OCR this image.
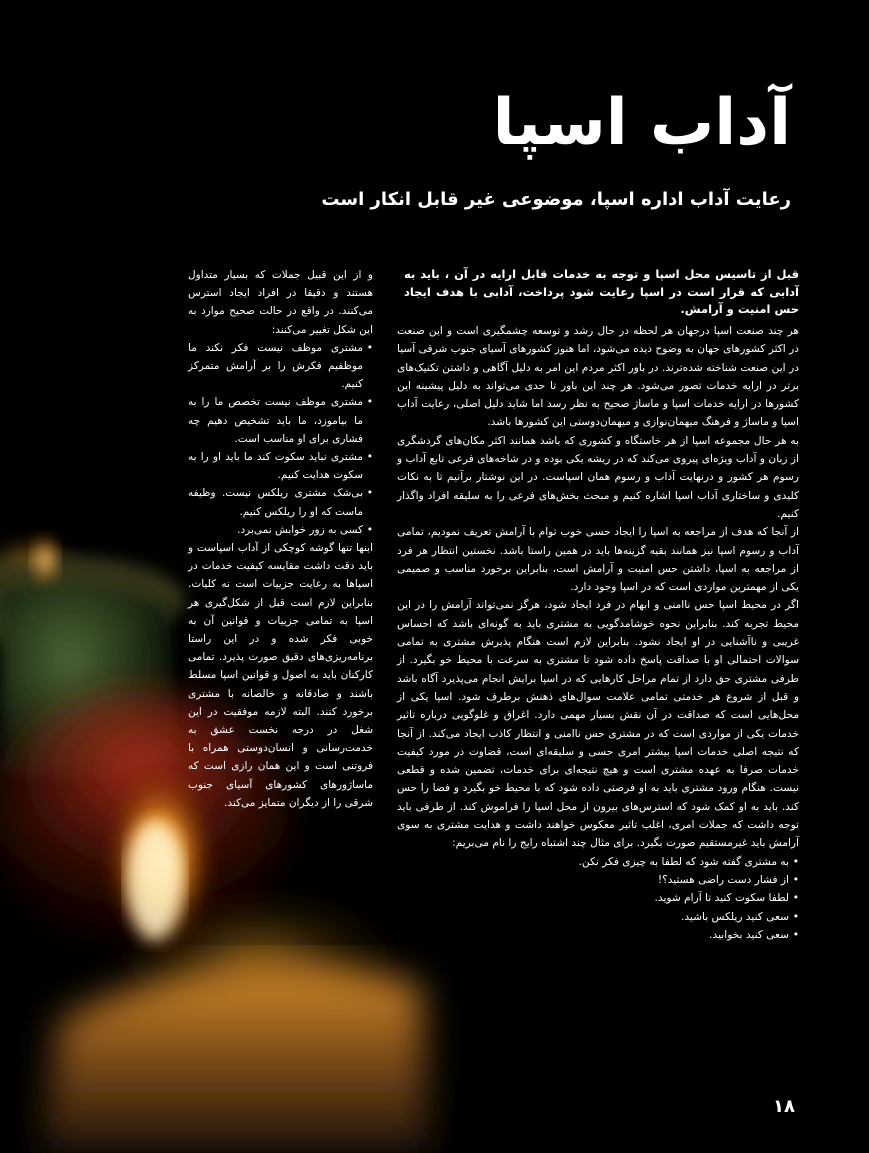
آداب اسپا
رعایت آداب اداره اسپا، موضوعی غیر قابل انکار است
قبل از تاسیس محل اسپا و توجه به خدمات قابل ارایه در آن ، باید به آدابی که قرار است در اسپا رعایت شود پرداخت، آدابی با هدف ایجاد حس امنیت و آرامش.

هر چند صنعت اسپا درجهان هر لحظه در حال رشد و توسعه چشمگیری است و این صنعت در اکثر کشورهای جهان به وضوح دیده می‌شود، اما هنوز کشورهای آسیای جنوب شرقی آسیا در این صنعت شناخته شده‌ترند. در باور اکثر مردم این امر به دلیل آگاهی و داشتن تکنیک‌های برتر در ارایه خدمات تصور می‌شود. هر چند این باور تا حدی می‌تواند به دلیل پیشینه این کشورها در ارایه خدمات اسپا و ماساژ صحیح به نظر رسد اما شاید دلیل اصلی، رعایت آداب اسپا و ماساژ و فرهنگ میهمان‌نوازی و میهمان‌دوستی این کشورها باشد.

به هر حال مجموعه اسپا از هر خاستگاه و کشوری که باشد همانند اکثر مکان‌های گردشگری از زبان و آداب ویژه‌ای پیروی می‌کند که در ریشه یکی بوده و در شاخه‌های فرعی تابع آداب و رسوم هر کشور و درنهایت آداب و رسوم همان اسپاست. در این نوشتار برآنیم تا به نکات کلیدی و ساختاری آداب اسپا اشاره کنیم و مبحث بخش‌های فرعی را به سلیقه افراد واگذار کنیم.

از آنجا که هدف از مراجعه به اسپا را ایجاد حسی خوب توام با آرامش تعریف نمودیم، تمامی آداب و رسوم اسپا نیز همانند بقیه گزینه‌ها باید در همین راستا باشد. نخستین انتظار هر فرد از مراجعه به اسپا، داشتن حس امنیت و آرامش است، بنابراین برخورد مناسب و صمیمی یکی از مهمترین مواردی است که در اسپا وجود دارد.

اگر در محیط اسپا حس ناامنی و ابهام در فرد ایجاد شود، هرگز نمی‌تواند آرامش را در این محیط تجربه کند. بنابراین نحوه خوشامدگویی به مشتری باید به گونه‌ای باشد که احساس غریبی و ناآشنایی در او ایجاد نشود. بنابراین لازم است هنگام پذیرش مشتری به تمامی سوالات احتمالی او با صداقت پاسخ داده شود تا مشتری به سرعت با محیط خو بگیرد. از طرفی مشتری حق دارد از تمام مراحل کارهایی که در اسپا برایش انجام می‌پذیرد آگاه باشد و قبل از شروع هر خدمتی تمامی علامت سوال‌های ذهنش برطرف شود. اسپا یکی از محل‌هایی است که صداقت در آن نقش بسیار مهمی دارد. اغراق و غلوگویی درباره تاثیر خدمات یکی از مواردی است که در مشتری حس ناامنی و انتظار کاذب ایجاد می‌کند. از آنجا که نتیجه اصلی خدمات اسپا بیشتر امری حسی و سلیقه‌ای است، قضاوت در مورد کیفیت خدمات صرفا به عهده مشتری است و هیچ نتیجه‌ای برای خدمات، تضمین شده و قطعی نیست. هنگام ورود مشتری باید به او فرصتی داده شود که با محیط خو بگیرد و فضا را حس کند. باید به او کمک شود که استرس‌های بیرون از محل اسپا را فراموش کند. از طرفی باید توجه داشت که جملات امری، اغلب تاثیر معکوس خواهند داشت و هدایت مشتری به سوی آرامش باید غیرمستقیم صورت بگیرد. برای مثال چند اشتباه رایج را نام می‌بریم:

• به مشتری گفته شود که لطفا به چیزی فکر نکن.
• از فشار دست راضی هستید؟!
• لطفا سکوت کنید تا آرام شوید.
• سعی کنید ریلکس باشید.
• سعی کنید بخوابید.

و از این قبیل جملات که بسیار متداول هستند و دقیقا در افراد ایجاد استرس می‌کنند. در واقع در حالت صحیح موارد به این شکل تغییر می‌کنند:

• مشتری موظف نیست فکر نکند ما موظفیم فکرش را بر آرامش متمرکز کنیم.
• مشتری موظف نیست تخصص ما را به ما بیاموزد، ما باید تشخیص دهیم چه فشاری برای او مناسب است.
• مشتری نباید سکوت کند ما باید او را به سکوت هدایت کنیم.
• بی‌شک مشتری ریلکس نیست. وظیفه ماست که او را ریلکس کنیم.
• کسی به زور خوابش نمی‌برد.

اینها تنها گوشه کوچکی از آداب اسپاست و باید دقت داشت مقایسه کیفیت خدمات در اسپاها به رعایت جزییات است نه کلیات. بنابراین لازم است قبل از شکل‌گیری هر اسپا به تمامی جزییات و قوانین آن به خوبی فکر شده و در این راستا برنامه‌ریزی‌های دقیق صورت پذیرد. تمامی کارکنان باید به اصول و قوانین اسپا مسلط باشند و صادقانه و خالصانه با مشتری برخورد کنند. البته لازمه موفقیت در این شغل در درجه نخست عشق به خدمت‌رسانی و انسان‌دوستی همراه با فروتنی است و این همان رازی است که ماساژورهای کشورهای آسیای جنوب شرقی را از دیگران متمایز می‌کند.

۱۸
